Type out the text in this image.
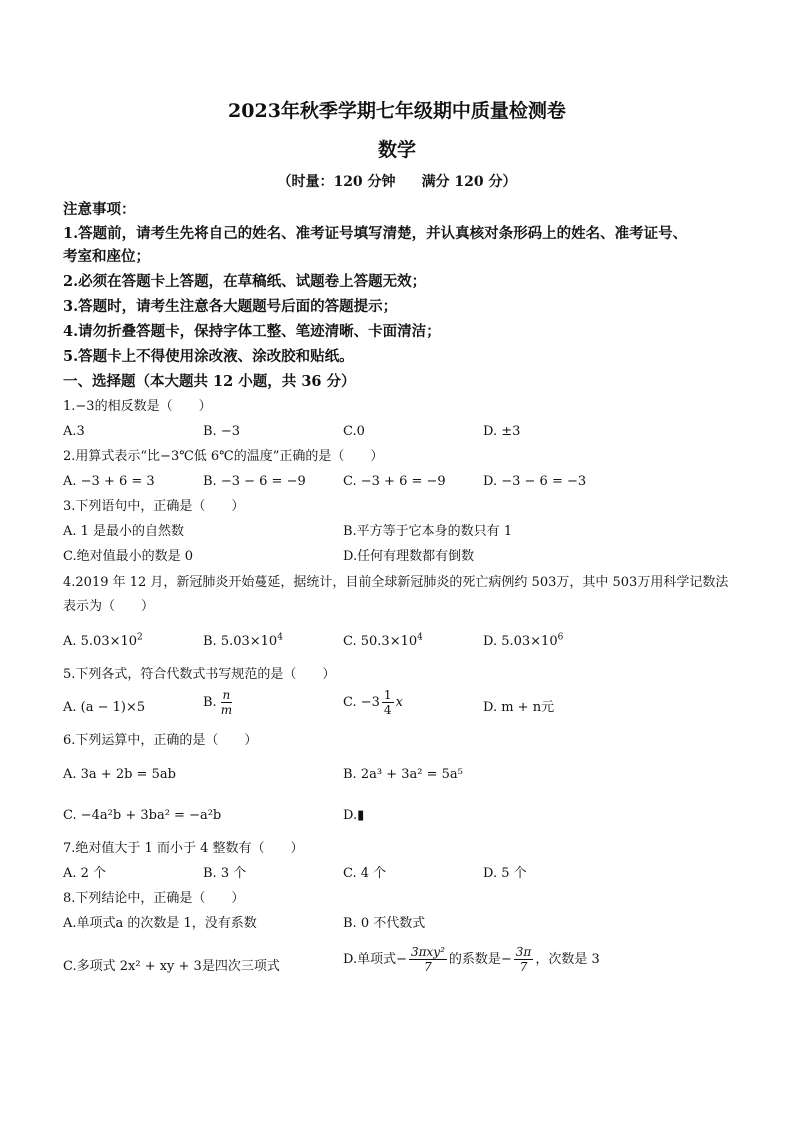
2023年秋季学期七年级期中质量检测卷
数学
（时量：120 分钟 满分 120 分）
注意事项：
1.答题前，请考生先将自己的姓名、准考证号填写清楚，并认真核对条形码上的姓名、准考证号、
考室和座位；
2.必须在答题卡上答题，在草稿纸、试题卷上答题无效；
3.答题时，请考生注意各大题题号后面的答题提示；
4.请勿折叠答题卡，保持字体工整、笔迹清晰、卡面清洁；
5.答题卡上不得使用涂改液、涂改胶和贴纸。
一、选择题（本大题共 12 小题，共 36 分）
1.−3的相反数是（　　）
A.3	B. −3	C.0	D. ±3
2.用算式表示“比−3℃低 6℃的温度”正确的是（　　）
A. −3 + 6 = 3	B. −3 − 6 = −9	C. −3 + 6 = −9	D. −3 − 6 = −3
3.下列语句中，正确是（　　）
A. 1 是最小的自然数	B.平方等于它本身的数只有 1
C.绝对值最小的数是 0	D.任何有理数都有倒数
4.2019 年 12 月，新冠肺炎开始蔓延，据统计，目前全球新冠肺炎的死亡病例约 503万，其中 503万用科学记数法表示为（　　）
A. $5.03\times 10^2$	B. $5.03\times 10^4$	C. $50.3\times 10^4$	D. $5.03\times 10^6$
5.下列各式，符合代数式书写规范的是（　　）
A. (a − 1)×5	B. $\frac{n}{m}$	C. $-3 \frac{1}{4}$ x	D. m + n元
6.下列运算中，正确的是（　　）
A. 3a + 2b = 5ab	B. 2a³ + 3a² = 5a⁵
C. −4a²b + 3ba² = −a²b	D.▮
7.绝对值大于 1 而小于 4 整数有（　　）
A. 2 个	B. 3 个	C. 4 个	D. 5 个
8.下列结论中，正确是（　　）
A.单项式a 的次数是 1，没有系数	B. 0 不代数式
C.多项式 2x² + xy + 3是四次三项式	D.单项式− $\frac{\text{3πxy²}}{7}$ 的系数是− $\frac{3\pi}{7}$ ，次数是 3
